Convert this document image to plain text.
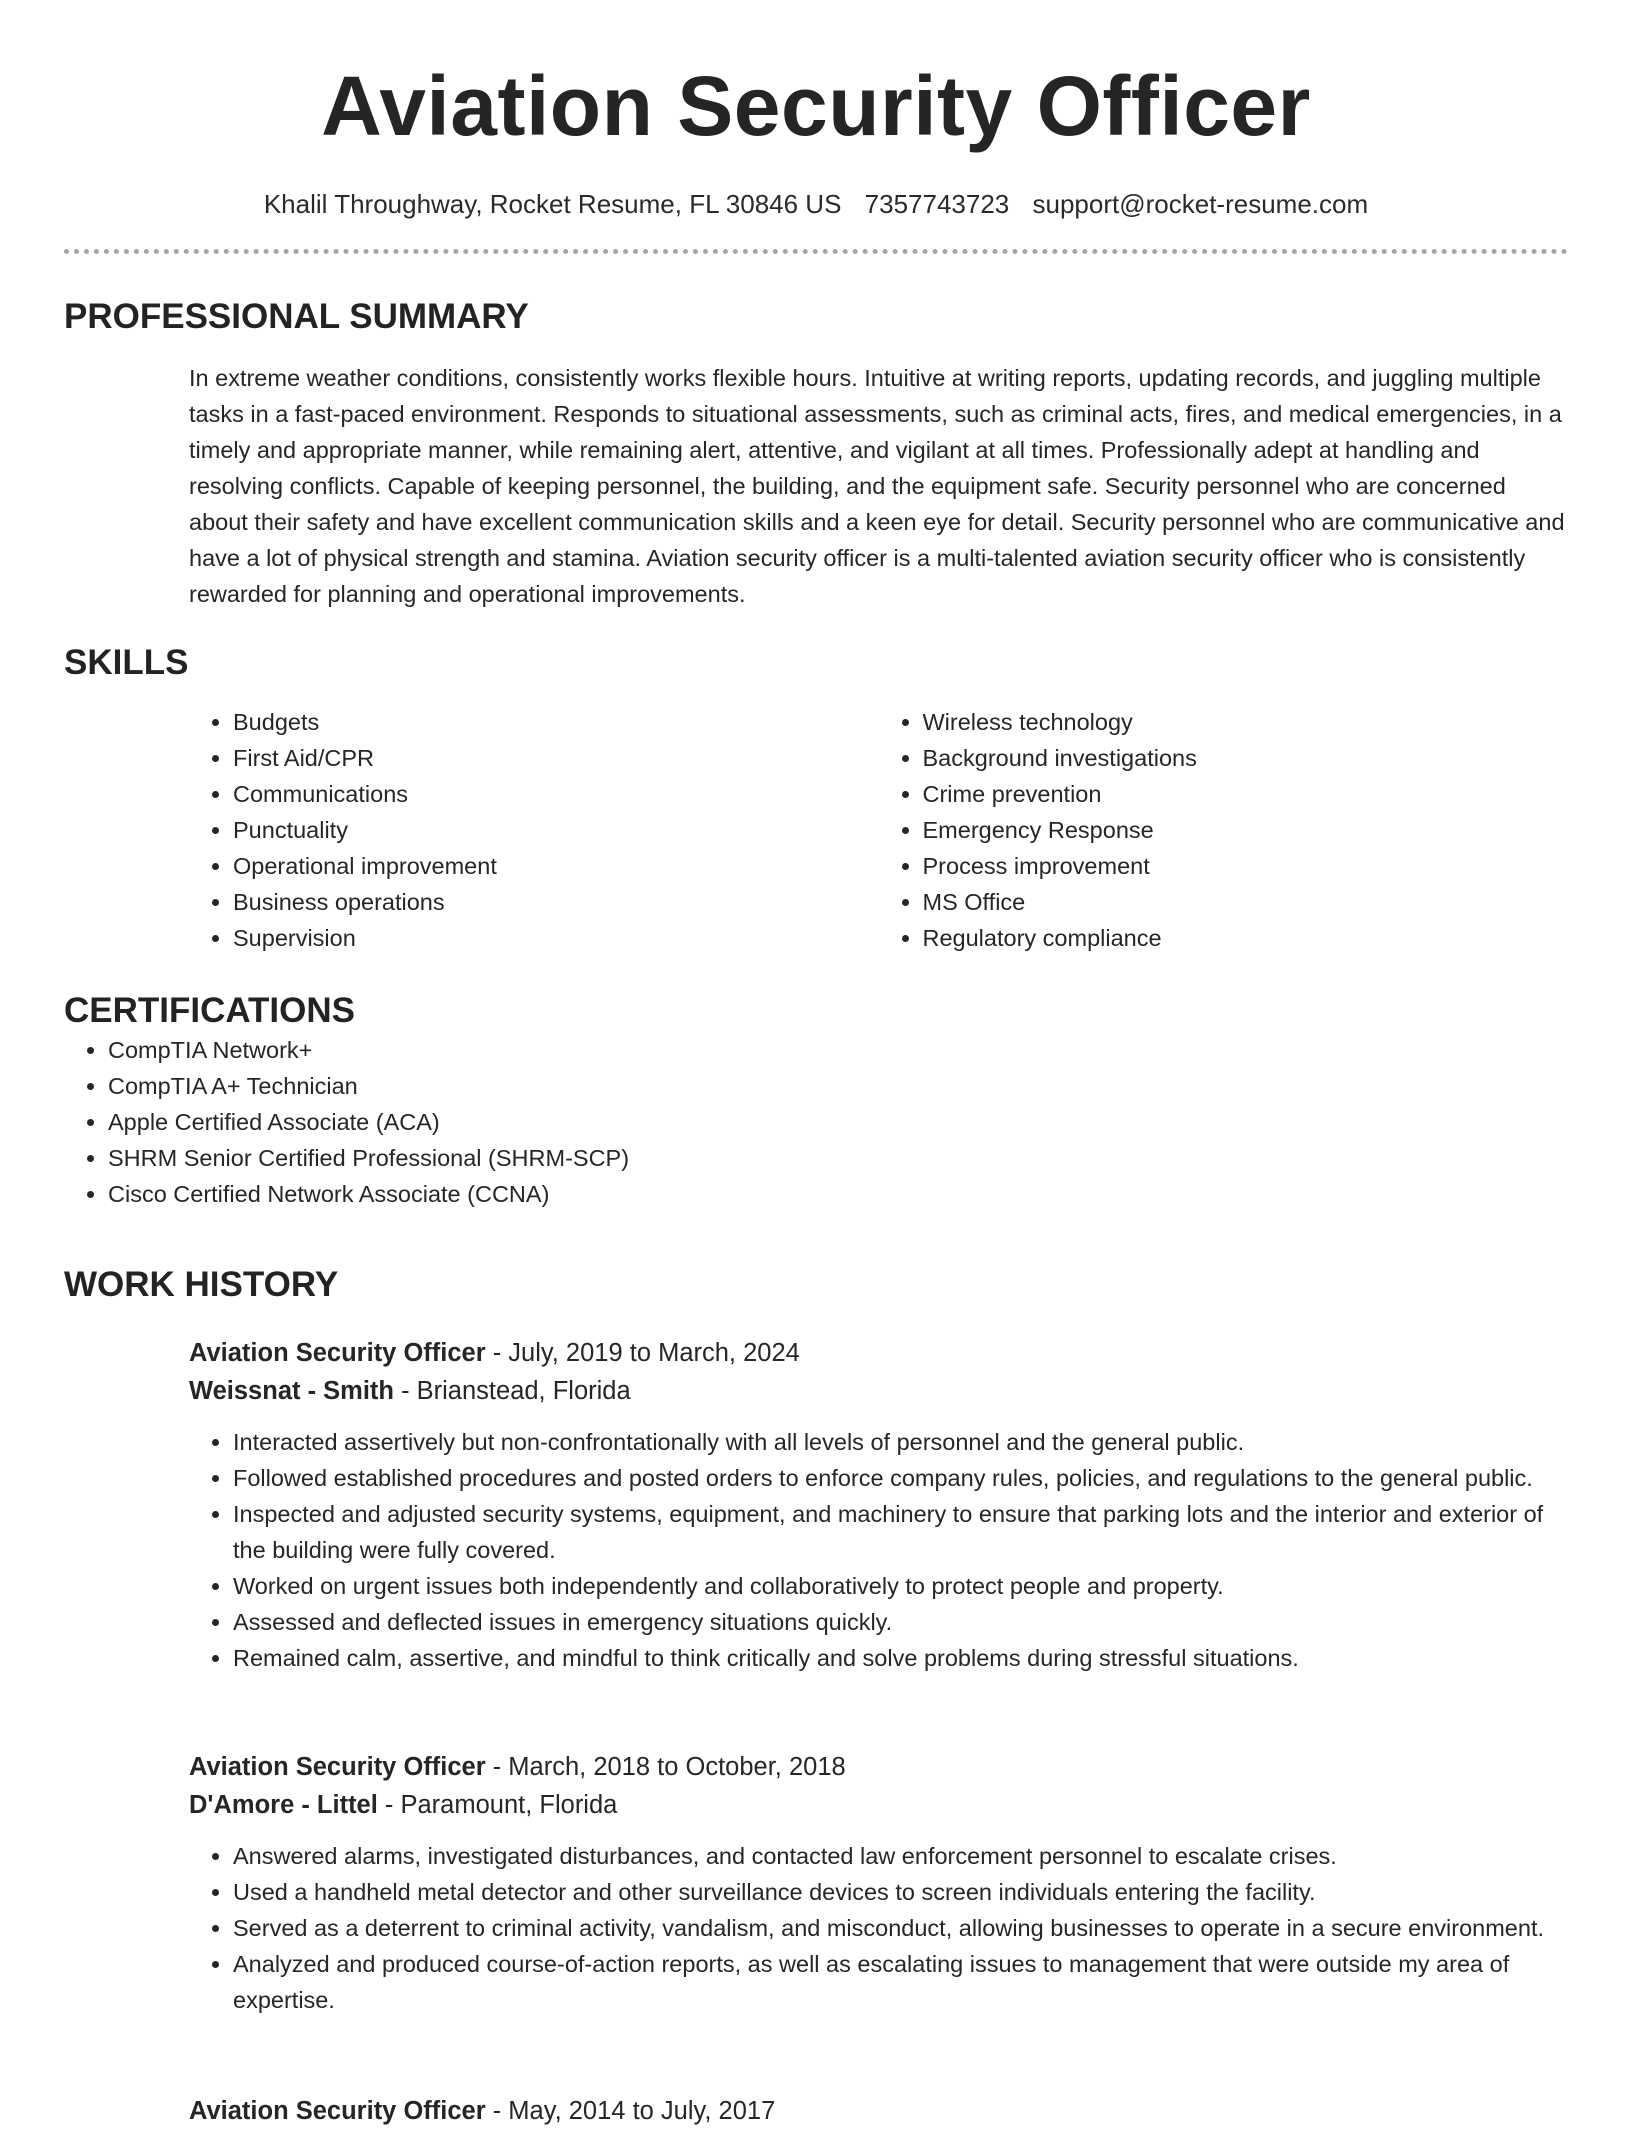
Aviation Security Officer
Khalil Throughway, Rocket Resume, FL 30846 US 7357743723 support@rocket-resume.com
PROFESSIONAL SUMMARY
In extreme weather conditions, consistently works flexible hours. Intuitive at writing reports, updating records, and juggling multiple tasks in a fast-paced environment. Responds to situational assessments, such as criminal acts, fires, and medical emergencies, in a timely and appropriate manner, while remaining alert, attentive, and vigilant at all times. Professionally adept at handling and resolving conflicts. Capable of keeping personnel, the building, and the equipment safe. Security personnel who are concerned about their safety and have excellent communication skills and a keen eye for detail. Security personnel who are communicative and have a lot of physical strength and stamina. Aviation security officer is a multi-talented aviation security officer who is consistently rewarded for planning and operational improvements.
SKILLS
• Budgets
• First Aid/CPR
• Communications
• Punctuality
• Operational improvement
• Business operations
• Supervision
• Wireless technology
• Background investigations
• Crime prevention
• Emergency Response
• Process improvement
• MS Office
• Regulatory compliance
CERTIFICATIONS
• CompTIA Network+
• CompTIA A+ Technician
• Apple Certified Associate (ACA)
• SHRM Senior Certified Professional (SHRM-SCP)
• Cisco Certified Network Associate (CCNA)
WORK HISTORY
Aviation Security Officer - July, 2019 to March, 2024
Weissnat - Smith - Brianstead, Florida
• Interacted assertively but non-confrontationally with all levels of personnel and the general public.
• Followed established procedures and posted orders to enforce company rules, policies, and regulations to the general public.
• Inspected and adjusted security systems, equipment, and machinery to ensure that parking lots and the interior and exterior of the building were fully covered.
• Worked on urgent issues both independently and collaboratively to protect people and property.
• Assessed and deflected issues in emergency situations quickly.
• Remained calm, assertive, and mindful to think critically and solve problems during stressful situations.
Aviation Security Officer - March, 2018 to October, 2018
D'Amore - Littel - Paramount, Florida
• Answered alarms, investigated disturbances, and contacted law enforcement personnel to escalate crises.
• Used a handheld metal detector and other surveillance devices to screen individuals entering the facility.
• Served as a deterrent to criminal activity, vandalism, and misconduct, allowing businesses to operate in a secure environment.
• Analyzed and produced course-of-action reports, as well as escalating issues to management that were outside my area of expertise.
Aviation Security Officer - May, 2014 to July, 2017
